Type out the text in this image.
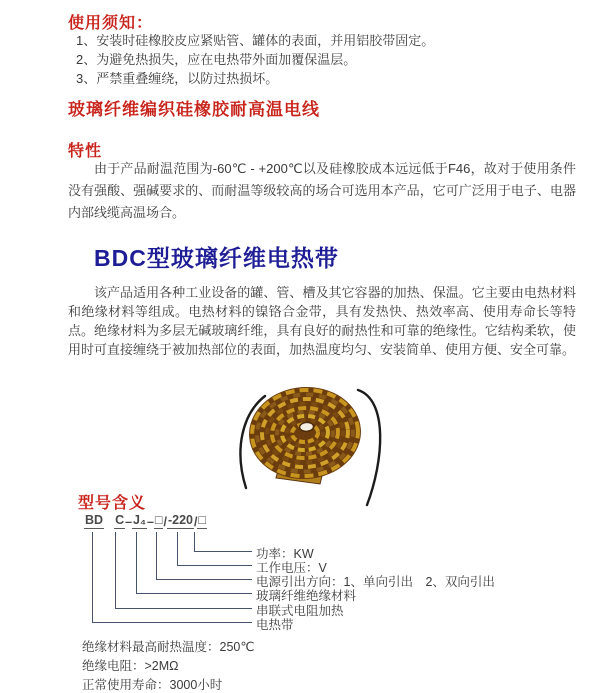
使用须知：
1、安装时硅橡胶皮应紧贴管、罐体的表面，并用铝胶带固定。
2、为避免热损失，应在电热带外面加覆保温层。
3、严禁重叠缠绕，以防过热损坏。
玻璃纤维编织硅橡胶耐高温电线
特性
由于产品耐温范围为-60℃ - +200℃以及硅橡胶成本远远低于F46，故对于使用条件没有强酸、强碱要求的、而耐温等级较高的场合可选用本产品，它可广泛用于电子、电器内部线缆高温场合。
BDC型玻璃纤维电热带
该产品适用各种工业设备的罐、管、槽及其它容器的加热、保温。它主要由电热材料和绝缘材料等组成。电热材料的镍铬合金带，具有发热快、热效率高、使用寿命长等特点。绝缘材料为多层无碱玻璃纤维，具有良好的耐热性和可靠的绝缘性。它结构柔软，使用时可直接缠绕于被加热部位的表面，加热温度均匀、安装简单、使用方便、安全可靠。
型号含义
BD C – J₄ – □ / -220 / □
功率：KW
工作电压：V
电源引出方向：1、单向引出　2、双向引出
玻璃纤维绝缘材料
串联式电阻加热
电热带
绝缘材料最高耐热温度：250℃
绝缘电阻：>2MΩ
正常使用寿命：3000小时
